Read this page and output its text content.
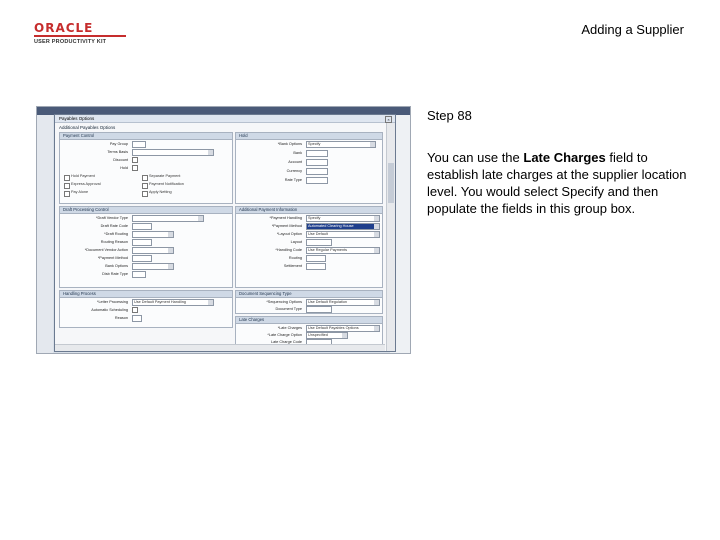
ORACLE
USER PRODUCTIVITY KIT
Adding a Supplier
Step 88
You can use the Late Charges field to establish late charges at the supplier location level. You would select Specify and then populate the fields in this group box.
Payables Options	×
Additional Payables Options
Payment Control
Pay Group
Terms Basis
Discount
Hold
Hold Payment	Separate Payment
Express Approval	Payment Notification
Pay Alone	Apply Netting
Hold
*Bank Options Specify
Bank
Account
Currency
Rate Type
Draft Processing Control
*Draft Vendor Type
Draft Rate Code
*Draft Routing
Routing Reason
*Document Vendor Action
*Payment Method
Bank Options
Disb Rate Type
Additional Payment Information
*Payment Handling Specify
*Payment Method Automated Clearing House
*Layout Option Use Default
Layout
*Handling Code Use Regular Payments
Routing
Settlement
Handling Process
*Letter Processing Use Default Payment Handling
Automatic Scheduling
Reason
Document Sequencing Type
*Sequencing Options Use Default Regulation
Document Type
Late Charges
*Late Charges Use Default Payables Options
*Late Charge Option Unspecified
Late Charge Code
